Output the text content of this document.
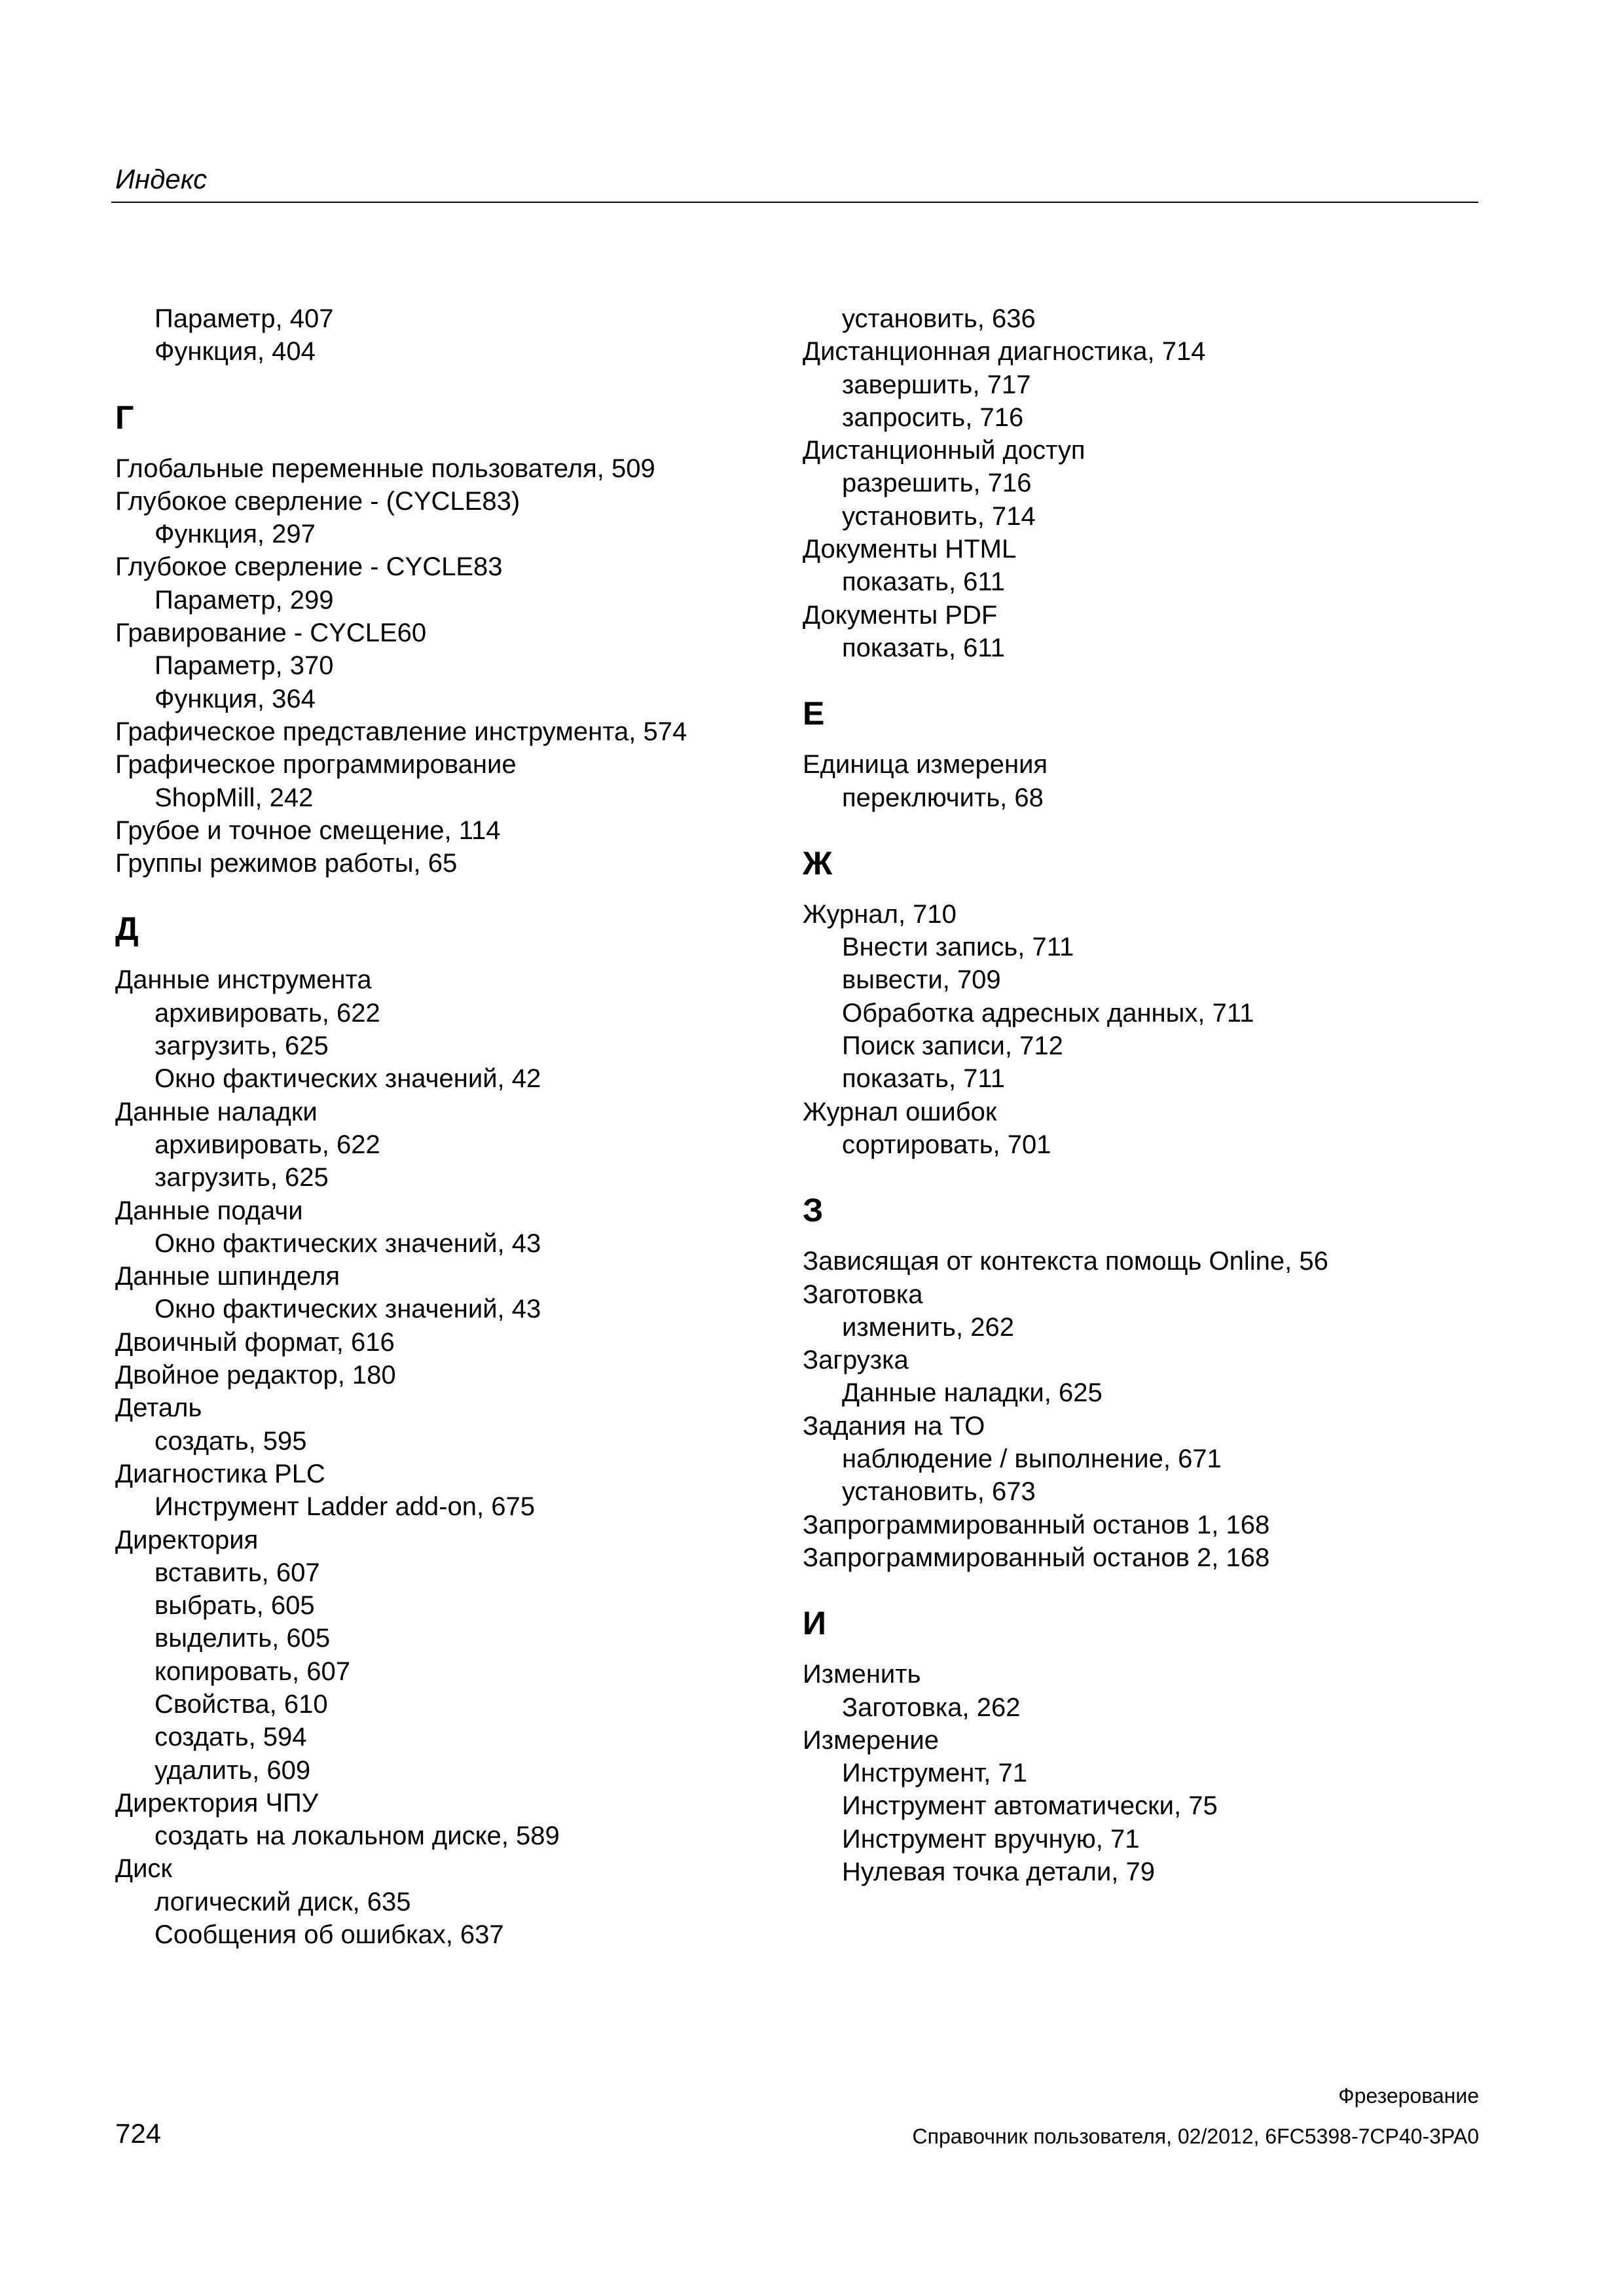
Индекс
Параметр, 407
Функция, 404
Г
Глобальные переменные пользователя, 509
Глубокое сверление - (CYCLE83)
Функция, 297
Глубокое сверление - CYCLE83
Параметр, 299
Гравирование - CYCLE60
Параметр, 370
Функция, 364
Графическое представление инструмента, 574
Графическое программирование
ShopMill, 242
Грубое и точное смещение, 114
Группы режимов работы, 65
Д
Данные инструмента
архивировать, 622
загрузить, 625
Окно фактических значений, 42
Данные наладки
архивировать, 622
загрузить, 625
Данные подачи
Окно фактических значений, 43
Данные шпинделя
Окно фактических значений, 43
Двоичный формат, 616
Двойное редактор, 180
Деталь
создать, 595
Диагностика PLC
Инструмент Ladder add-on, 675
Директория
вставить, 607
выбрать, 605
выделить, 605
копировать, 607
Свойства, 610
создать, 594
удалить, 609
Директория ЧПУ
создать на локальном диске, 589
Диск
логический диск, 635
Сообщения об ошибках, 637
установить, 636
Дистанционная диагностика, 714
завершить, 717
запросить, 716
Дистанционный доступ
разрешить, 716
установить, 714
Документы HTML
показать, 611
Документы PDF
показать, 611
Е
Единица измерения
переключить, 68
Ж
Журнал, 710
Внести запись, 711
вывести, 709
Обработка адресных данных, 711
Поиск записи, 712
показать, 711
Журнал ошибок
сортировать, 701
З
Зависящая от контекста помощь Online, 56
Заготовка
изменить, 262
Загрузка
Данные наладки, 625
Задания на ТО
наблюдение / выполнение, 671
установить, 673
Запрограммированный останов 1, 168
Запрограммированный останов 2, 168
И
Изменить
Заготовка, 262
Измерение
Инструмент, 71
Инструмент автоматически, 75
Инструмент вручную, 71
Нулевая точка детали, 79
Фрезерование
724	Справочник пользователя, 02/2012, 6FC5398-7CP40-3PA0
